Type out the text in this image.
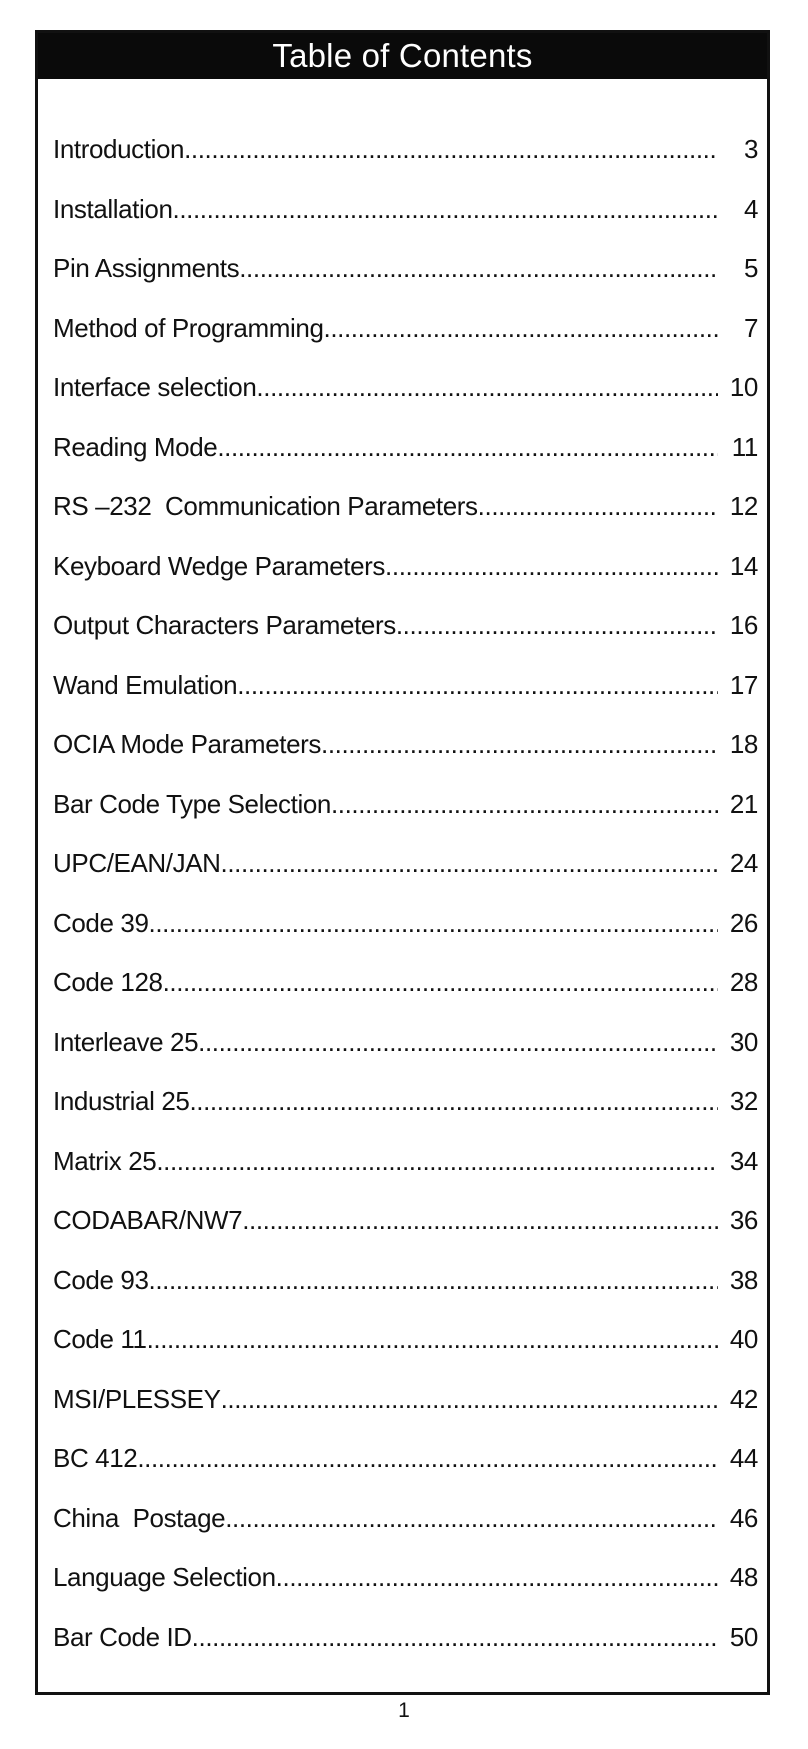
Table of Contents
Introduction .....	3
Installation .....	4
Pin Assignments .....	5
Method of Programming .....	7
Interface selection .....	10
Reading Mode .....	11
RS –232  Communication Parameters .....	12
Keyboard Wedge Parameters .....	14
Output Characters Parameters .....	16
Wand Emulation .....	17
OCIA Mode Parameters .....	18
Bar Code Type Selection .....	21
UPC/EAN/JAN .....	24
Code 39 .....	26
Code 128 .....	28
Interleave 25 .....	30
Industrial 25 .....	32
Matrix 25 .....	34
CODABAR/NW7 .....	36
Code 93 .....	38
Code 11 .....	40
MSI/PLESSEY .....	42
BC 412 .....	44
China  Postage .....	46
Language Selection .....	48
Bar Code ID .....	50
1
